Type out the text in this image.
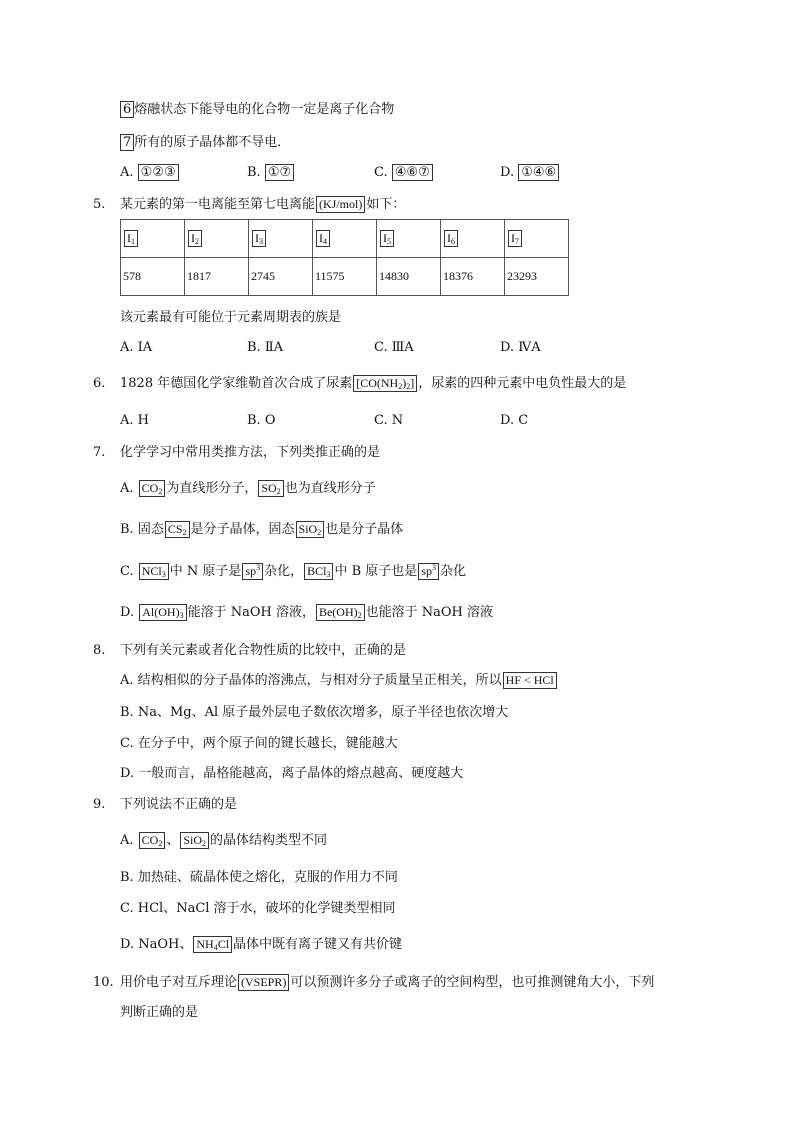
6 熔融状态下能导电的化合物一定是离子化合物
7 所有的原子晶体都不导电．
A. ①②③	B. ①⑦	C. ④⑥⑦	D. ①④⑥
5.	某元素的第一电离能至第七电离能 (KJ/mol) 如下：
$I_1$	$I_2$	$I_3$	$I_4$	$I_5$	$I_6$	$I_7$
578	1817	2745	11575	14830	18376	23293
该元素最有可能位于元素周期表的族是
A. ⅠA	B. ⅡA	C. ⅢA	D. ⅣA
6.	1828 年德国化学家维勒首次合成了尿素 $[CO(NH_2)_2]$ ，尿素的四种元素中电负性最大的是
A. H	B. O	C. N	D. C
7.	化学学习中常用类推方法，下列类推正确的是
A. $CO_2$ 为直线形分子， $SO_2$ 也为直线形分子
B. 固态 $CS_2$ 是分子晶体，固态 SiO$_2$ 也是分子晶体
C. NCl$_3$ 中 N 原子是 $sp^3$ 杂化， BCl$_3$ 中 B 原子也是 $sp^3$ 杂化
D. $Al(OH)_3$ 能溶于 NaOH 溶液， $Be(OH)_2$ 也能溶于 NaOH 溶液
8.	下列有关元素或者化合物性质的比较中，正确的是
A. 结构相似的分子晶体的溶沸点，与相对分子质量呈正相关，所以 HF < HCl
B. Na、Mg、Al 原子最外层电子数依次增多，原子半径也依次增大
C. 在分子中，两个原子间的键长越长，键能越大
D. 一般而言，晶格能越高，离子晶体的熔点越高、硬度越大
9.	下列说法不正确的是
A. $CO_2$ 、 SiO$_2$ 的晶体结构类型不同
B. 加热硅、硫晶体使之熔化，克服的作用力不同
C. HCl、NaCl 溶于水，破坏的化学键类型相同
D. NaOH、 $NH_4Cl$ 晶体中既有离子键又有共价键
10. 用价电子对互斥理论 (VSEPR) 可以预测许多分子或离子的空间构型，也可推测键角大小，下列
判断正确的是
